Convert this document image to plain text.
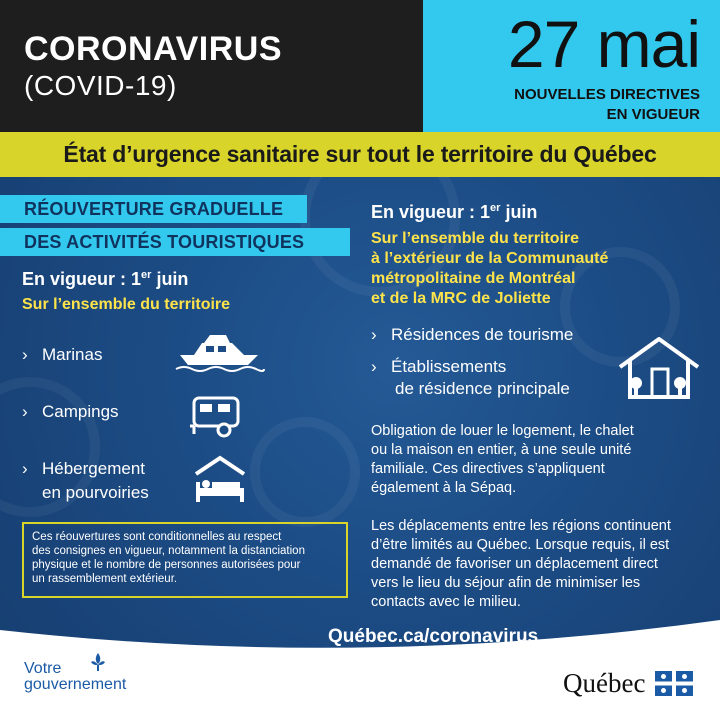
CORONAVIRUS
(COVID-19)
27 mai
NOUVELLES DIRECTIVES
EN VIGUEUR
État d’urgence sanitaire sur tout le territoire du Québec
RÉOUVERTURE GRADUELLE
DES ACTIVITÉS TOURISTIQUES
En vigueur : 1er juin
Sur l’ensemble du territoire
› Marinas
› Campings
› Hébergement
en pourvoiries
Ces réouvertures sont conditionnelles au respect
des consignes en vigueur, notamment la distanciation
physique et le nombre de personnes autorisées pour
un rassemblement extérieur.
En vigueur : 1er juin
Sur l’ensemble du territoire
à l’extérieur de la Communauté
métropolitaine de Montréal
et de la MRC de Joliette
› Résidences de tourisme
› Établissements
de résidence principale
Obligation de louer le logement, le chalet
ou la maison en entier, à une seule unité
familiale. Ces directives s’appliquent
également à la Sépaq.
Les déplacements entre les régions continuent
d’être limités au Québec. Lorsque requis, il est
demandé de favoriser un déplacement direct
vers le lieu du séjour afin de minimiser les
contacts avec le milieu.
Québec.ca/coronavirus
Votre
gouvernement	Québec
